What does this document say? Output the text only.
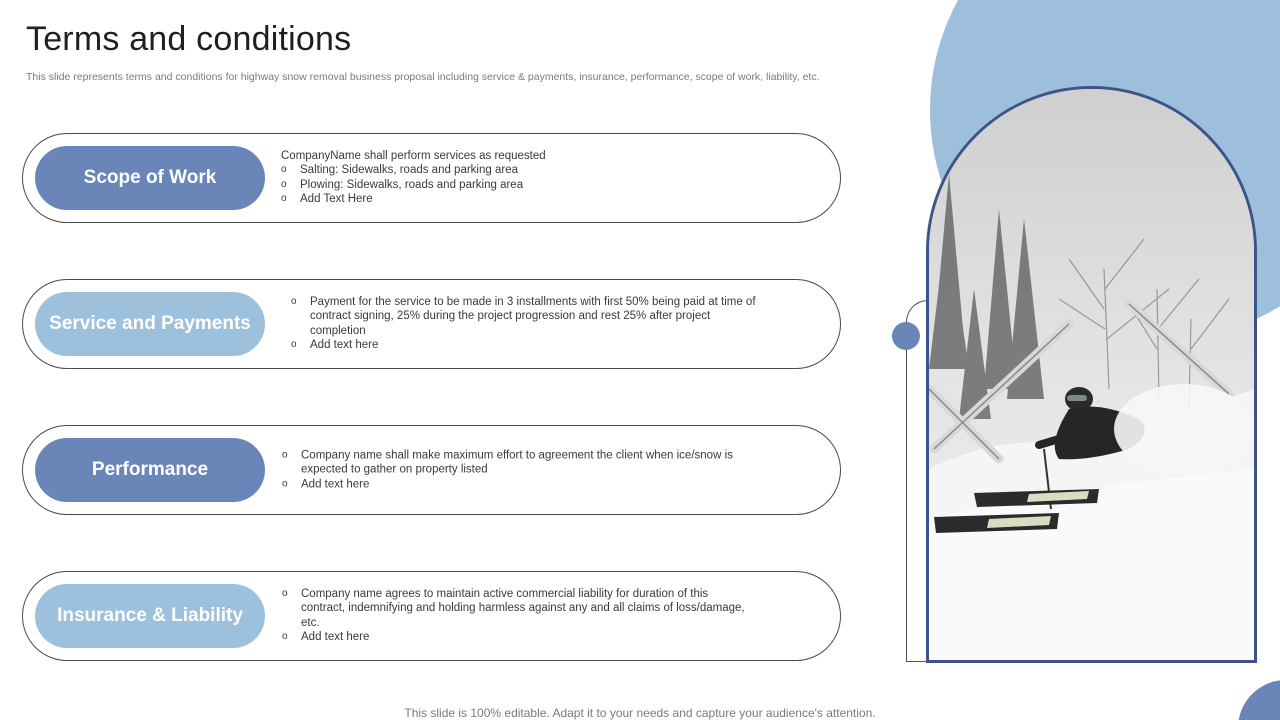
Terms and conditions
This slide represents terms and conditions for highway snow removal business proposal including service & payments, insurance, performance, scope of work, liability, etc.
Scope of Work
CompanyName shall perform services as requested
o Salting: Sidewalks, roads and parking area
o Plowing: Sidewalks, roads and parking area
o Add Text Here
Service and Payments
o Payment for the service to be made in 3 installments with first 50% being paid at time of contract signing, 25% during the project progression and rest 25% after project completion
o Add text here
Performance
o Company name shall make maximum effort to agreement the client when ice/snow is expected to gather on property listed
o Add text here
Insurance & Liability
o Company name agrees to maintain active commercial liability for duration of this contract, indemnifying and holding harmless against any and all claims of loss/damage, etc.
o Add text here
This slide is 100% editable. Adapt it to your needs and capture your audience's attention.
